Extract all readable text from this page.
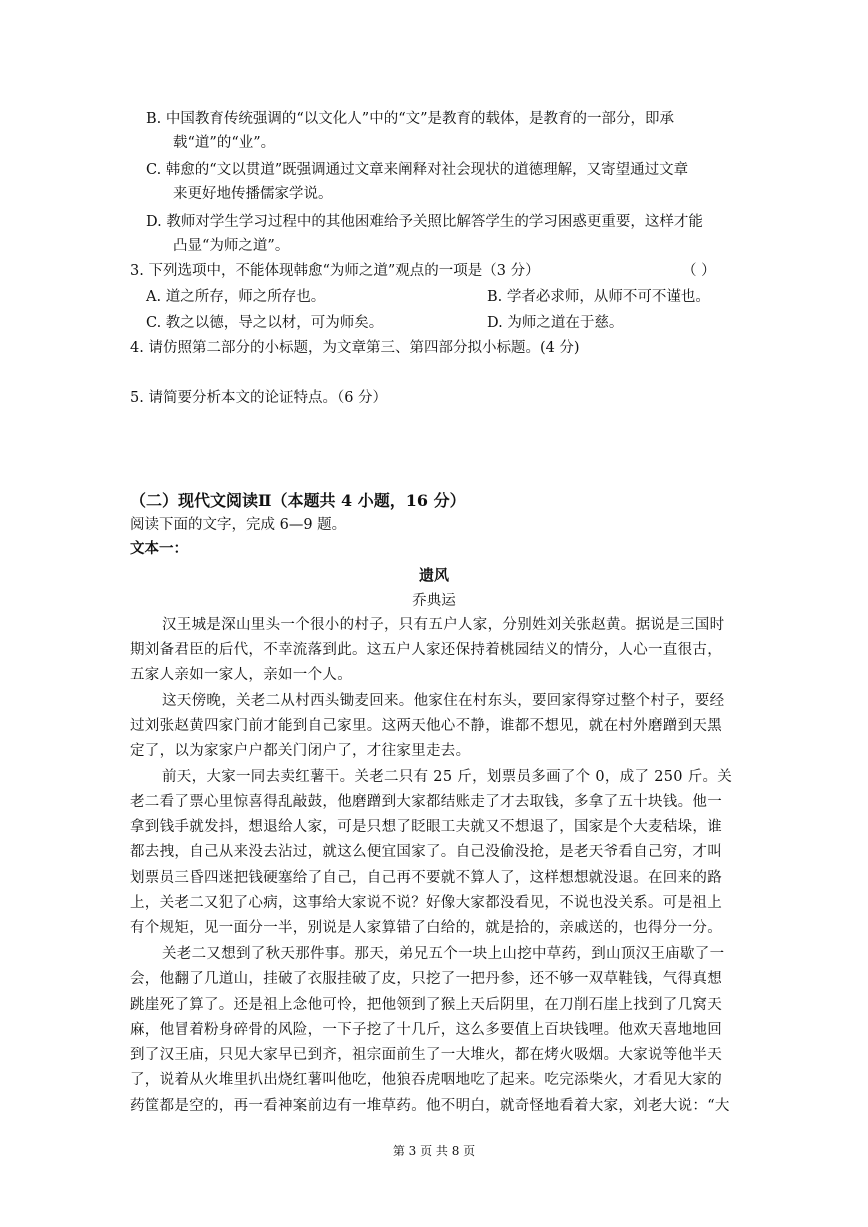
B. 中国教育传统强调的“以文化人”中的“文”是教育的载体，是教育的一部分，即承
载“道”的“业”。
C. 韩愈的“文以贯道”既强调通过文章来阐释对社会现状的道德理解，又寄望通过文章
来更好地传播儒家学说。
D. 教师对学生学习过程中的其他困难给予关照比解答学生的学习困惑更重要，这样才能
凸显“为师之道”。
3. 下列选项中，不能体现韩愈“为师之道”观点的一项是（3 分）	（ ）
A. 道之所存，师之所存也。	B. 学者必求师，从师不可不谨也。
C. 教之以德，导之以材，可为师矣。	D. 为师之道在于慈。
4. 请仿照第二部分的小标题，为文章第三、第四部分拟小标题。(4 分)
5. 请简要分析本文的论证特点。（6 分）
（二）现代文阅读Ⅱ（本题共 4 小题，16 分）
阅读下面的文字，完成 6—9 题。
文本一：
遗风
乔典运
汉王城是深山里头一个很小的村子，只有五户人家，分别姓刘关张赵黄。据说是三国时
期刘备君臣的后代，不幸流落到此。这五户人家还保持着桃园结义的情分，人心一直很古，
五家人亲如一家人，亲如一个人。
这天傍晚，关老二从村西头锄麦回来。他家住在村东头，要回家得穿过整个村子，要经
过刘张赵黄四家门前才能到自己家里。这两天他心不静，谁都不想见，就在村外磨蹭到天黑
定了，以为家家户户都关门闭户了，才往家里走去。
前天，大家一同去卖红薯干。关老二只有 25 斤，划票员多画了个 0，成了 250 斤。关
老二看了票心里惊喜得乱敲鼓，他磨蹭到大家都结账走了才去取钱，多拿了五十块钱。他一
拿到钱手就发抖，想退给人家，可是只想了眨眼工夫就又不想退了，国家是个大麦秸垛，谁
都去拽，自己从来没去沾过，就这么便宜国家了。自己没偷没抢，是老天爷看自己穷，才叫
划票员三昏四迷把钱硬塞给了自己，自己再不要就不算人了，这样想想就没退。在回来的路
上，关老二又犯了心病，这事给大家说不说？好像大家都没看见，不说也没关系。可是祖上
有个规矩，见一面分一半，别说是人家算错了白给的，就是拾的，亲戚送的，也得分一分。
关老二又想到了秋天那件事。那天，弟兄五个一块上山挖中草药，到山顶汉王庙歇了一
会，他翻了几道山，挂破了衣服挂破了皮，只挖了一把丹参，还不够一双草鞋钱，气得真想
跳崖死了算了。还是祖上念他可怜，把他领到了猴上天后阴里，在刀削石崖上找到了几窝天
麻，他冒着粉身碎骨的风险，一下子挖了十几斤，这么多要值上百块钱哩。他欢天喜地地回
到了汉王庙，只见大家早已到齐，祖宗面前生了一大堆火，都在烤火吸烟。大家说等他半天
了，说着从火堆里扒出烧红薯叫他吃，他狼吞虎咽地吃了起来。吃完添柴火，才看见大家的
药筐都是空的，再一看神案前边有一堆草药。他不明白，就奇怪地看着大家，刘老大说：“大
第 3 页 共 8 页
